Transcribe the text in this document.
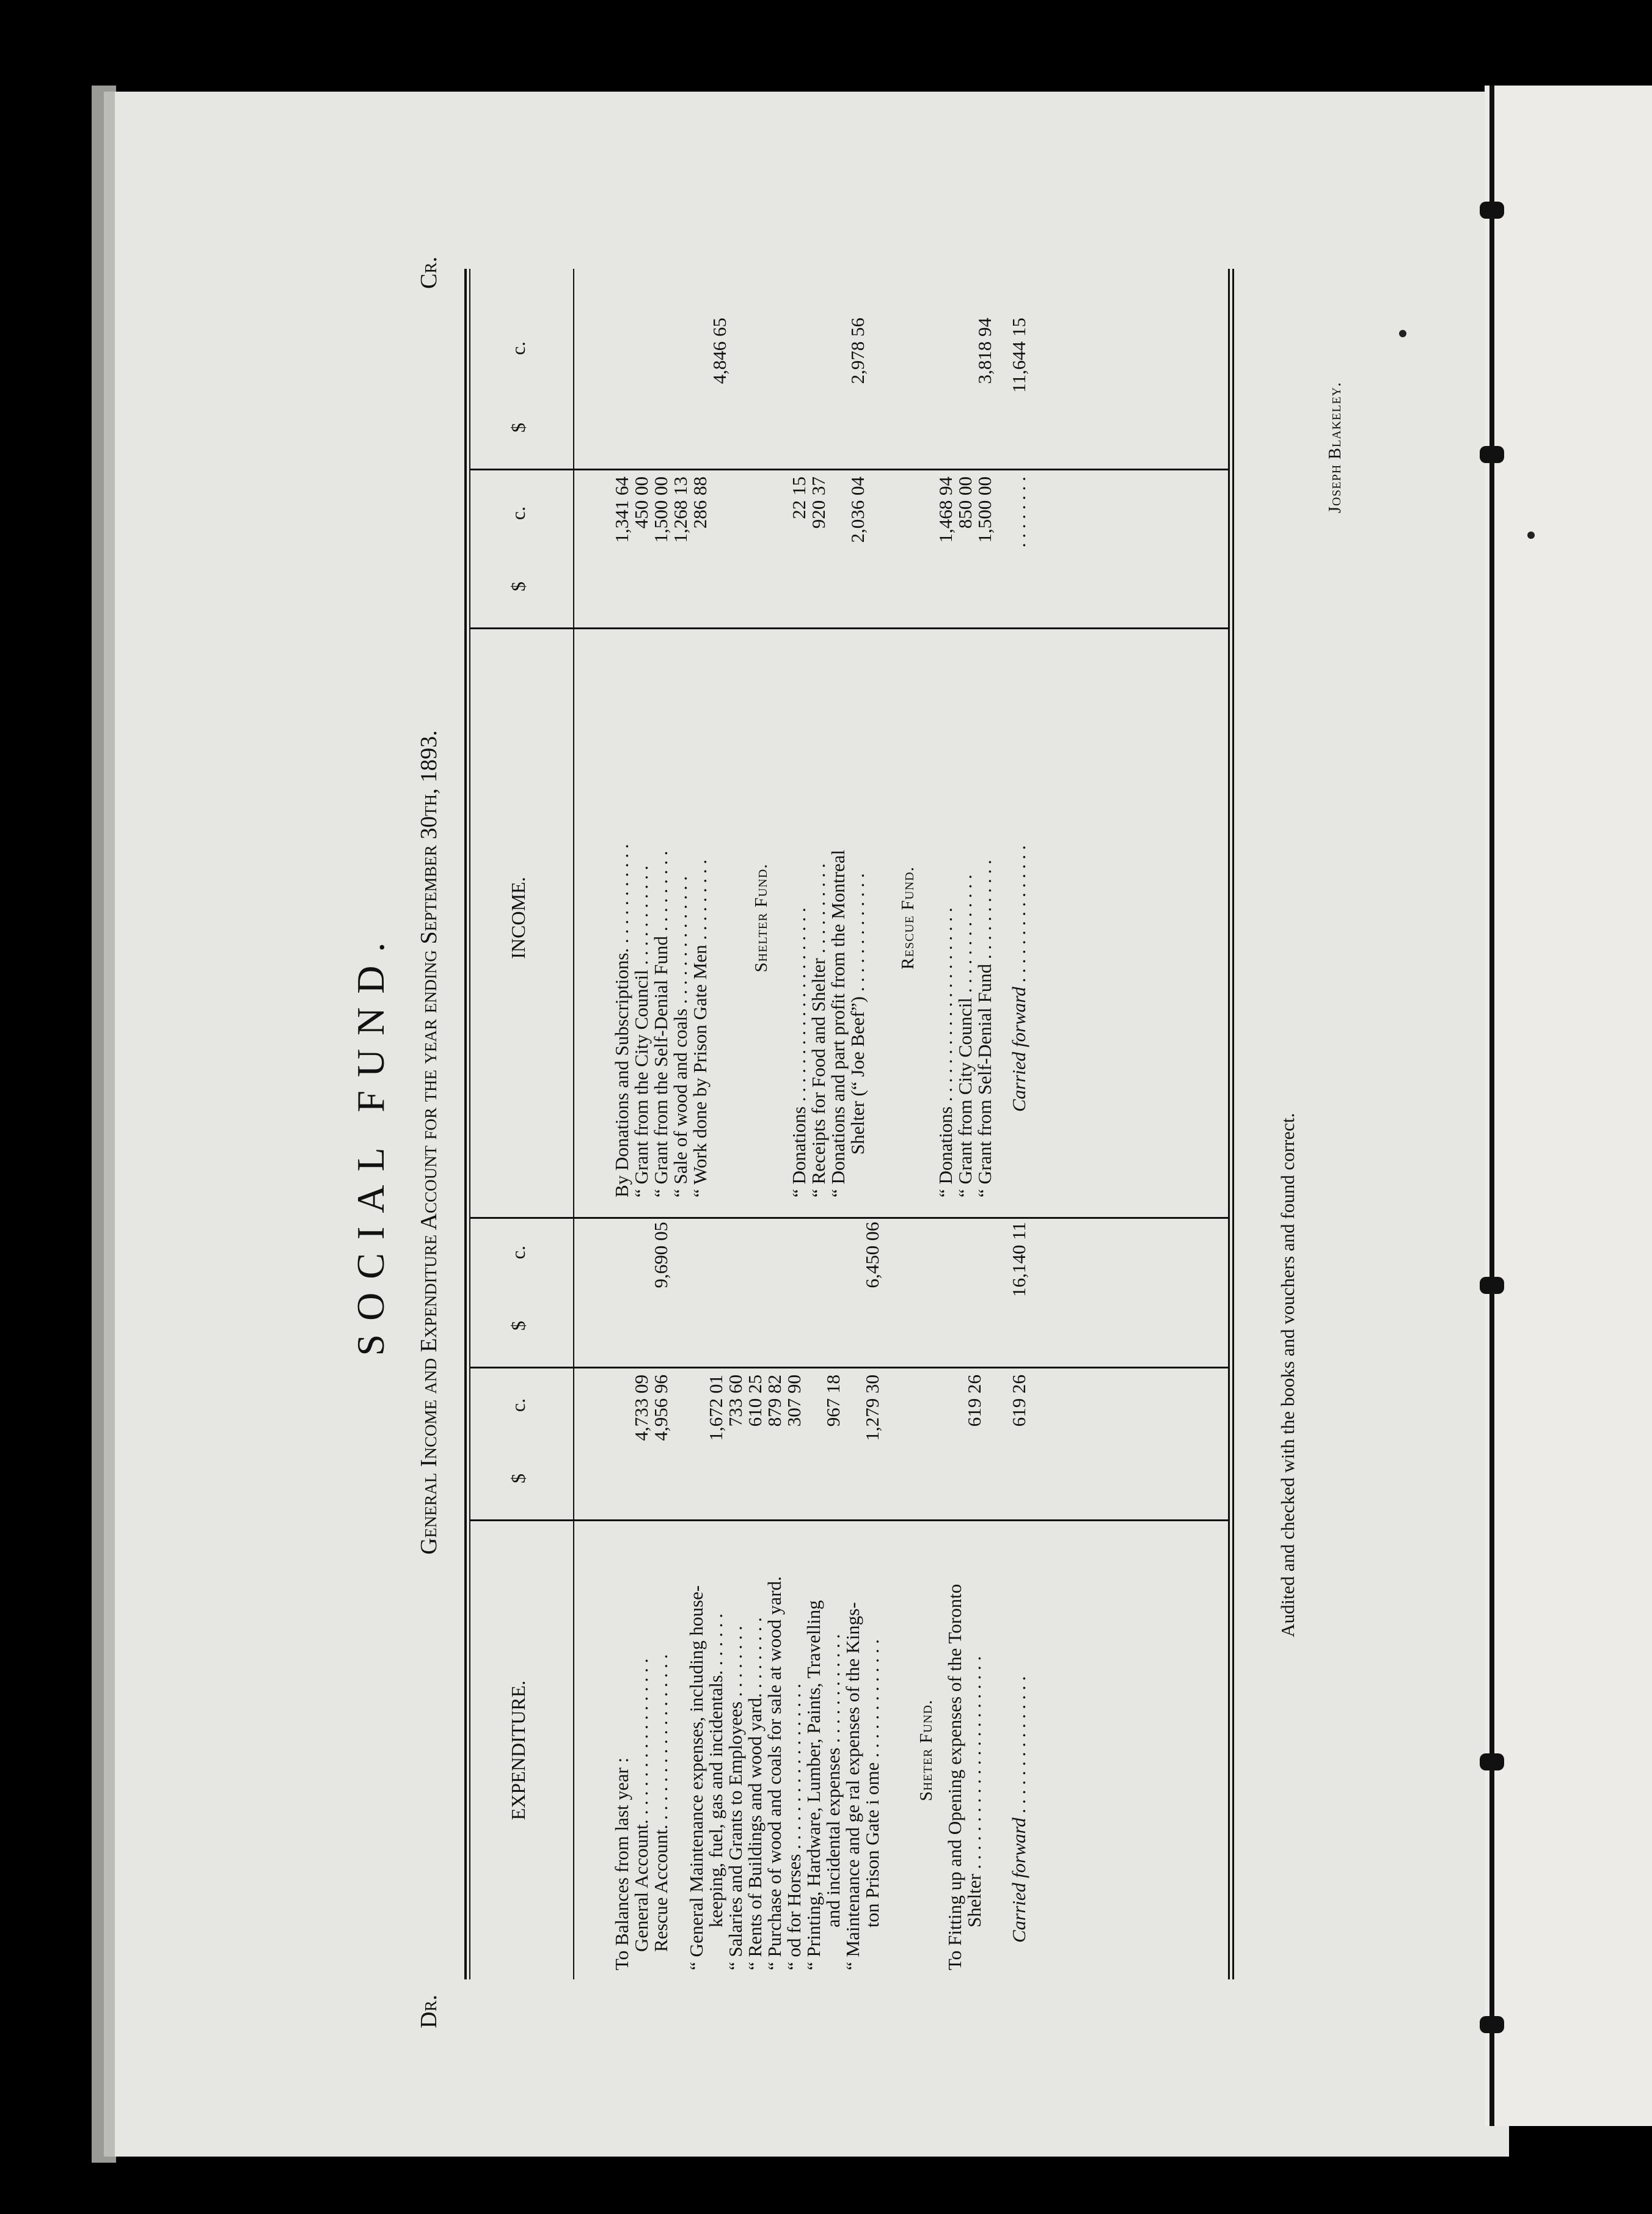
SOCIAL FUND.
Dr.
General Income and Expenditure Account for the year ending September 30th, 1893.
Cr.
EXPENDITURE.
$
c.
$
c.
INCOME.
$
c.
$
c.
To Balances from last year :
General Account. . . . . . . . . . . . . . . . . .
4,733 09
Rescue Account. . . . . . . . . . . . . . . . . . .
4,956 96
9,690 05
“ General Maintenance expenses, including house-
keeping, fuel, gas and incidentals. . . . . . .
1,672 01
“ Salaries and Grants to Employees . . . . . . . .
733 60
“ Rents of Buildings and wood yard. . . . . . . . .
610 25
“ Purchase of wood and coals for sale at wood yard.
879 82
“ od for Horses . . . . . . . . . . . . . . . . . .
307 90
“ Printing, Hardware, Lumber, Paints, Travelling
and incidental expenses . . . . . . . . . . . .
967 18
“ Maintenance and ge ral expenses of the Kings-
ton Prison Gate i ome . . . . . . . . . . . . .
1,279 30
6,450 06
Sheter Fund. To Fitting up and Opening expenses of the Toronto
Shelter . . . . . . . . . . . . . . . . . . . . . . .
619 26
Carried forward . . . . . . . . . . . . . . .
619 26
16,140 11
By Donations and Subscriptions. . . . . . . . . . . .
1,341 64
“ Grant from the City Council . . . . . . . . . . .
450 00
“ Grant from the Self-Denial Fund . . . . . . . . .
1,500 00
“ Sale of wood and coals . . . . . . . . . . . . . .
1,268 13
“ Work done by Prison Gate Men . . . . . . . . .
286 88
4,846 65
Shelter Fund. “ Donations . . . . . . . . . . . . . . . . . . . . .
22 15
“ Receipts for Food and Shelter . . . . . . . . . .
920 37
“ Donations and part profit from the Montreal
Shelter (“ Joe Beef”) . . . . . . . . . . . . .
2,036 04
2,978 56
Rescue Fund. “ Donations . . . . . . . . . . . . . . . . . . . . .
1,468 94
“ Grant from City Council . . . . . . . . . . . . .
850 00
“ Grant from Self-Denial Fund . . . . . . . . . . .
1,500 00
3,818 94
Carried forward . . . . . . . . . . . . . . .
. . . . . . . .
11,644 15
Audited and checked with the books and vouchers and found correct.
Joseph Blakeley.
